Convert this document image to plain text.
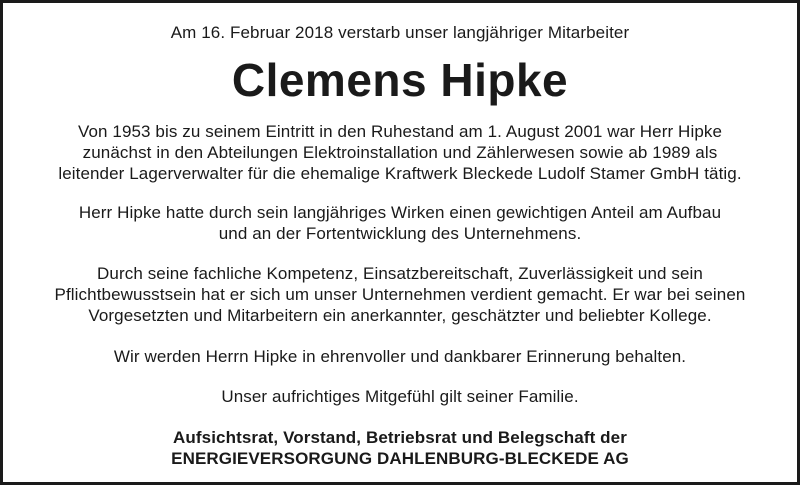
Am 16. Februar 2018 verstarb unser langjähriger Mitarbeiter
Clemens Hipke
Von 1953 bis zu seinem Eintritt in den Ruhestand am 1. August 2001 war Herr Hipke
zunächst in den Abteilungen Elektroinstallation und Zählerwesen sowie ab 1989 als
leitender Lagerverwalter für die ehemalige Kraftwerk Bleckede Ludolf Stamer GmbH tätig.
Herr Hipke hatte durch sein langjähriges Wirken einen gewichtigen Anteil am Aufbau
und an der Fortentwicklung des Unternehmens.
Durch seine fachliche Kompetenz, Einsatzbereitschaft, Zuverlässigkeit und sein
Pflichtbewusstsein hat er sich um unser Unternehmen verdient gemacht. Er war bei seinen
Vorgesetzten und Mitarbeitern ein anerkannter, geschätzter und beliebter Kollege.
Wir werden Herrn Hipke in ehrenvoller und dankbarer Erinnerung behalten.
Unser aufrichtiges Mitgefühl gilt seiner Familie.
Aufsichtsrat, Vorstand, Betriebsrat und Belegschaft der
ENERGIEVERSORGUNG DAHLENBURG-BLECKEDE AG
